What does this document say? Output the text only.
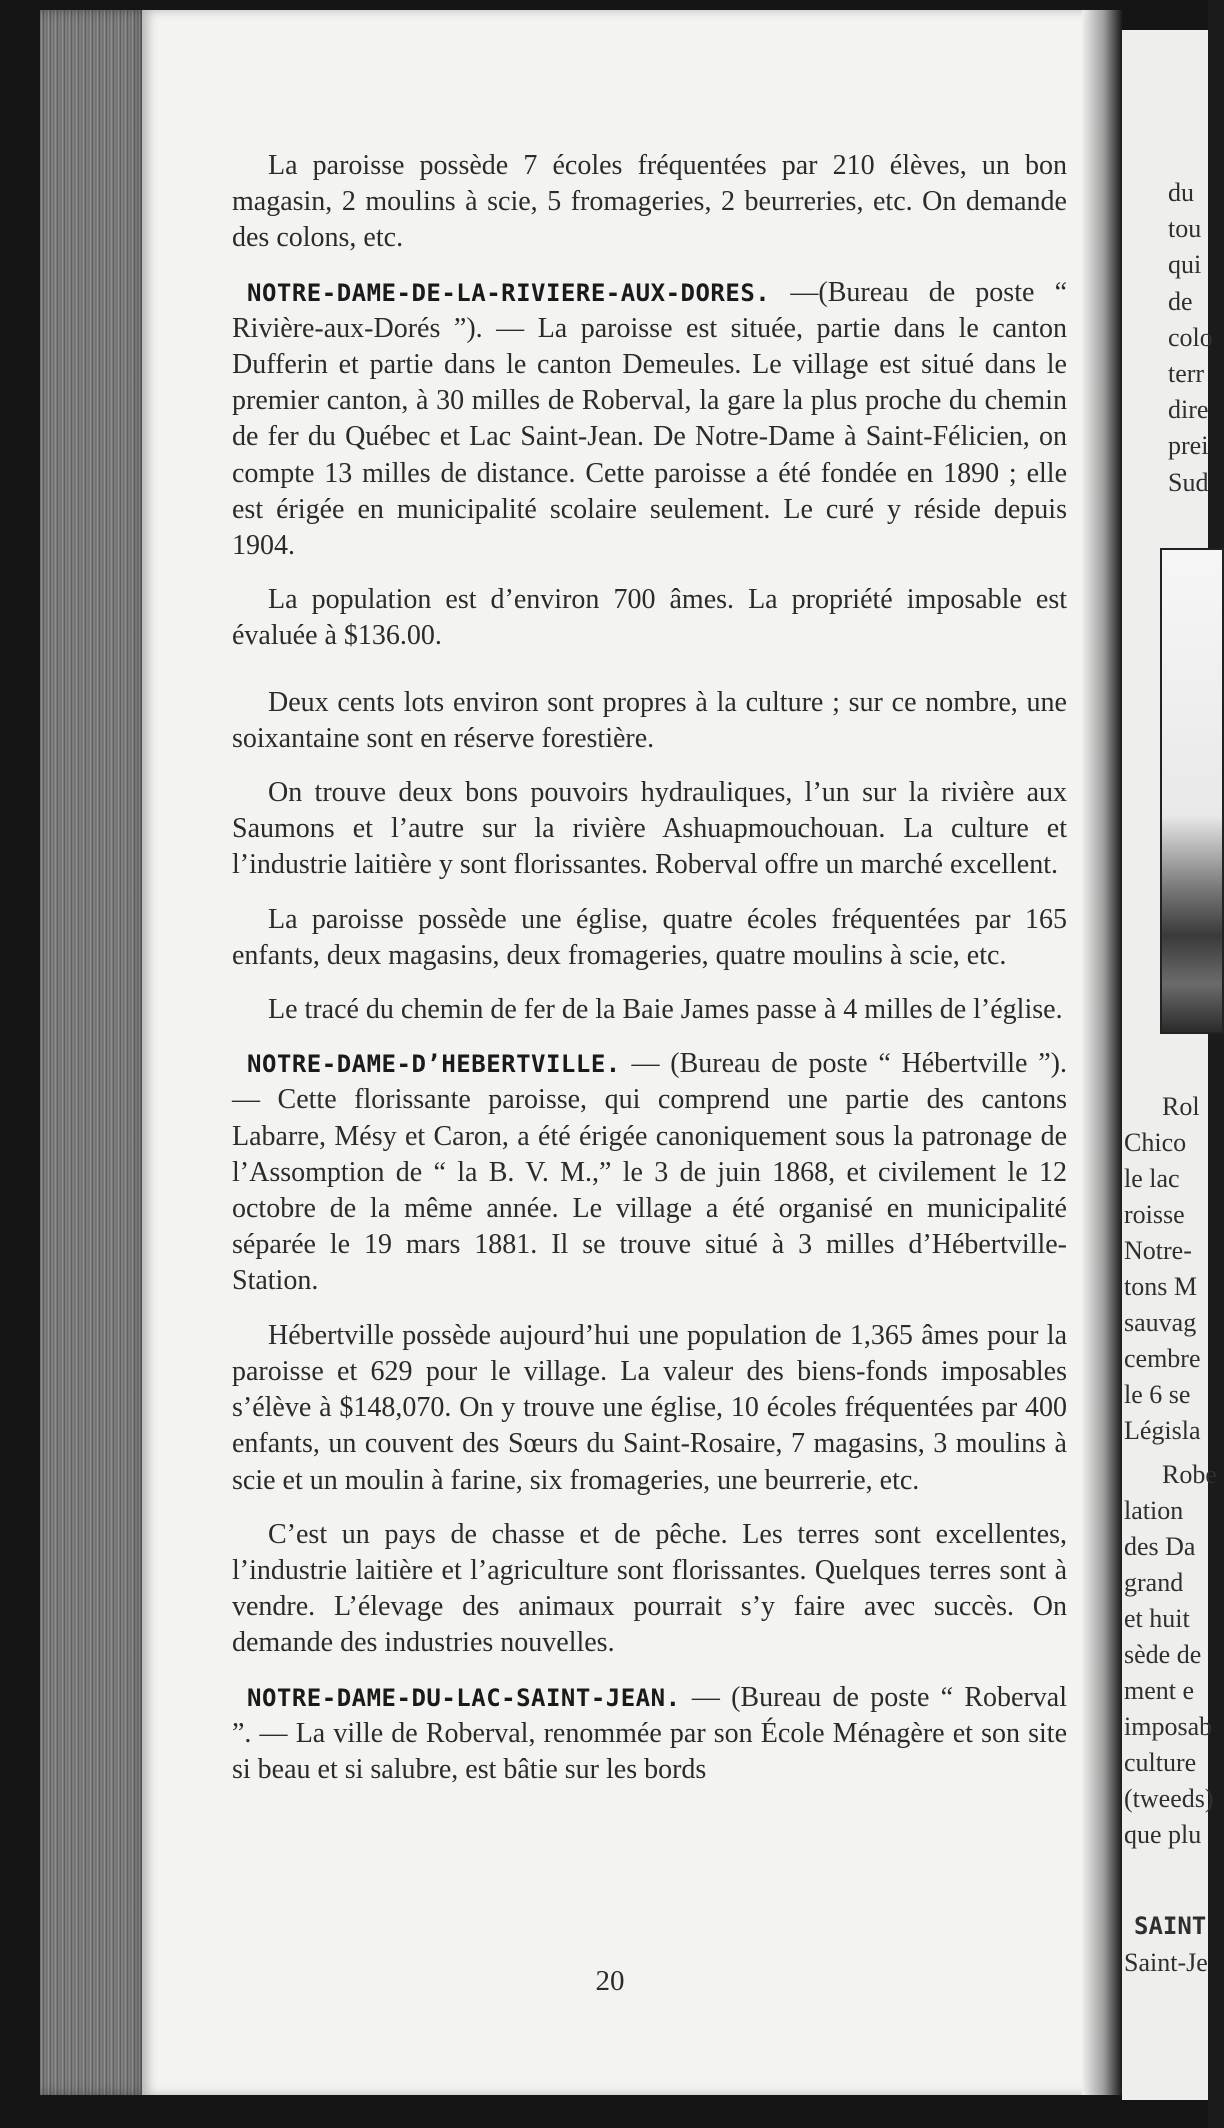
La paroisse possède 7 écoles fréquentées par 210 élèves, un bon magasin, 2 moulins à scie, 5 fromageries, 2 beurreries, etc. On demande des colons, etc.

NOTRE-DAME-DE-LA-RIVIERE-AUX-DORES. —(Bureau de poste “ Rivière-aux-Dorés ”). — La paroisse est située, partie dans le canton Dufferin et partie dans le canton Demeules. Le village est situé dans le premier canton, à 30 milles de Roberval, la gare la plus proche du chemin de fer du Québec et Lac Saint-Jean. De Notre-Dame à Saint-Félicien, on compte 13 milles de distance. Cette paroisse a été fondée en 1890 ; elle est érigée en municipalité scolaire seulement. Le curé y réside depuis 1904.

La population est d’environ 700 âmes. La propriété imposable est évaluée à $136.00.

Deux cents lots environ sont propres à la culture ; sur ce nombre, une soixantaine sont en réserve forestière.

On trouve deux bons pouvoirs hydrauliques, l’un sur la rivière aux Saumons et l’autre sur la rivière Ashuapmouchouan. La culture et l’industrie laitière y sont florissantes. Roberval offre un marché excellent.

La paroisse possède une église, quatre écoles fréquentées par 165 enfants, deux magasins, deux fromageries, quatre moulins à scie, etc.

Le tracé du chemin de fer de la Baie James passe à 4 milles de l’église.

NOTRE-DAME-D’HEBERTVILLE. — (Bureau de poste “ Hébertville ”). — Cette florissante paroisse, qui comprend une partie des cantons Labarre, Mésy et Caron, a été érigée canoniquement sous la patronage de l’Assomption de “ la B. V. M.,” le 3 de juin 1868, et civilement le 12 octobre de la même année. Le village a été organisé en municipalité séparée le 19 mars 1881. Il se trouve situé à 3 milles d’Hébertville-Station.

Hébertville possède aujourd’hui une population de 1,365 âmes pour la paroisse et 629 pour le village. La valeur des biens-fonds imposables s’élève à $148,070. On y trouve une église, 10 écoles fréquentées par 400 enfants, un couvent des Sœurs du Saint-Rosaire, 7 magasins, 3 moulins à scie et un moulin à farine, six fromageries, une beurrerie, etc.

C’est un pays de chasse et de pêche. Les terres sont excellentes, l’industrie laitière et l’agriculture sont florissantes. Quelques terres sont à vendre. L’élevage des animaux pourrait s’y faire avec succès. On demande des industries nouvelles.

NOTRE-DAME-DU-LAC-SAINT-JEAN. — (Bureau de poste “ Roberval ”. — La ville de Roberval, renommée par son École Ménagère et son site si beau et si salubre, est bâtie sur les bords

20
du
tou
qui
de
colo
terr
dire
prei
Sud
Rol
Chico
le lac
roisse
Notre-
tons M
sauvag
cembre
le 6 se
Législa
Robe
lation
des Da
grand
et huit
sède de
ment e
imposab
culture
(tweeds)
que plu
SAINT
Saint-Je
